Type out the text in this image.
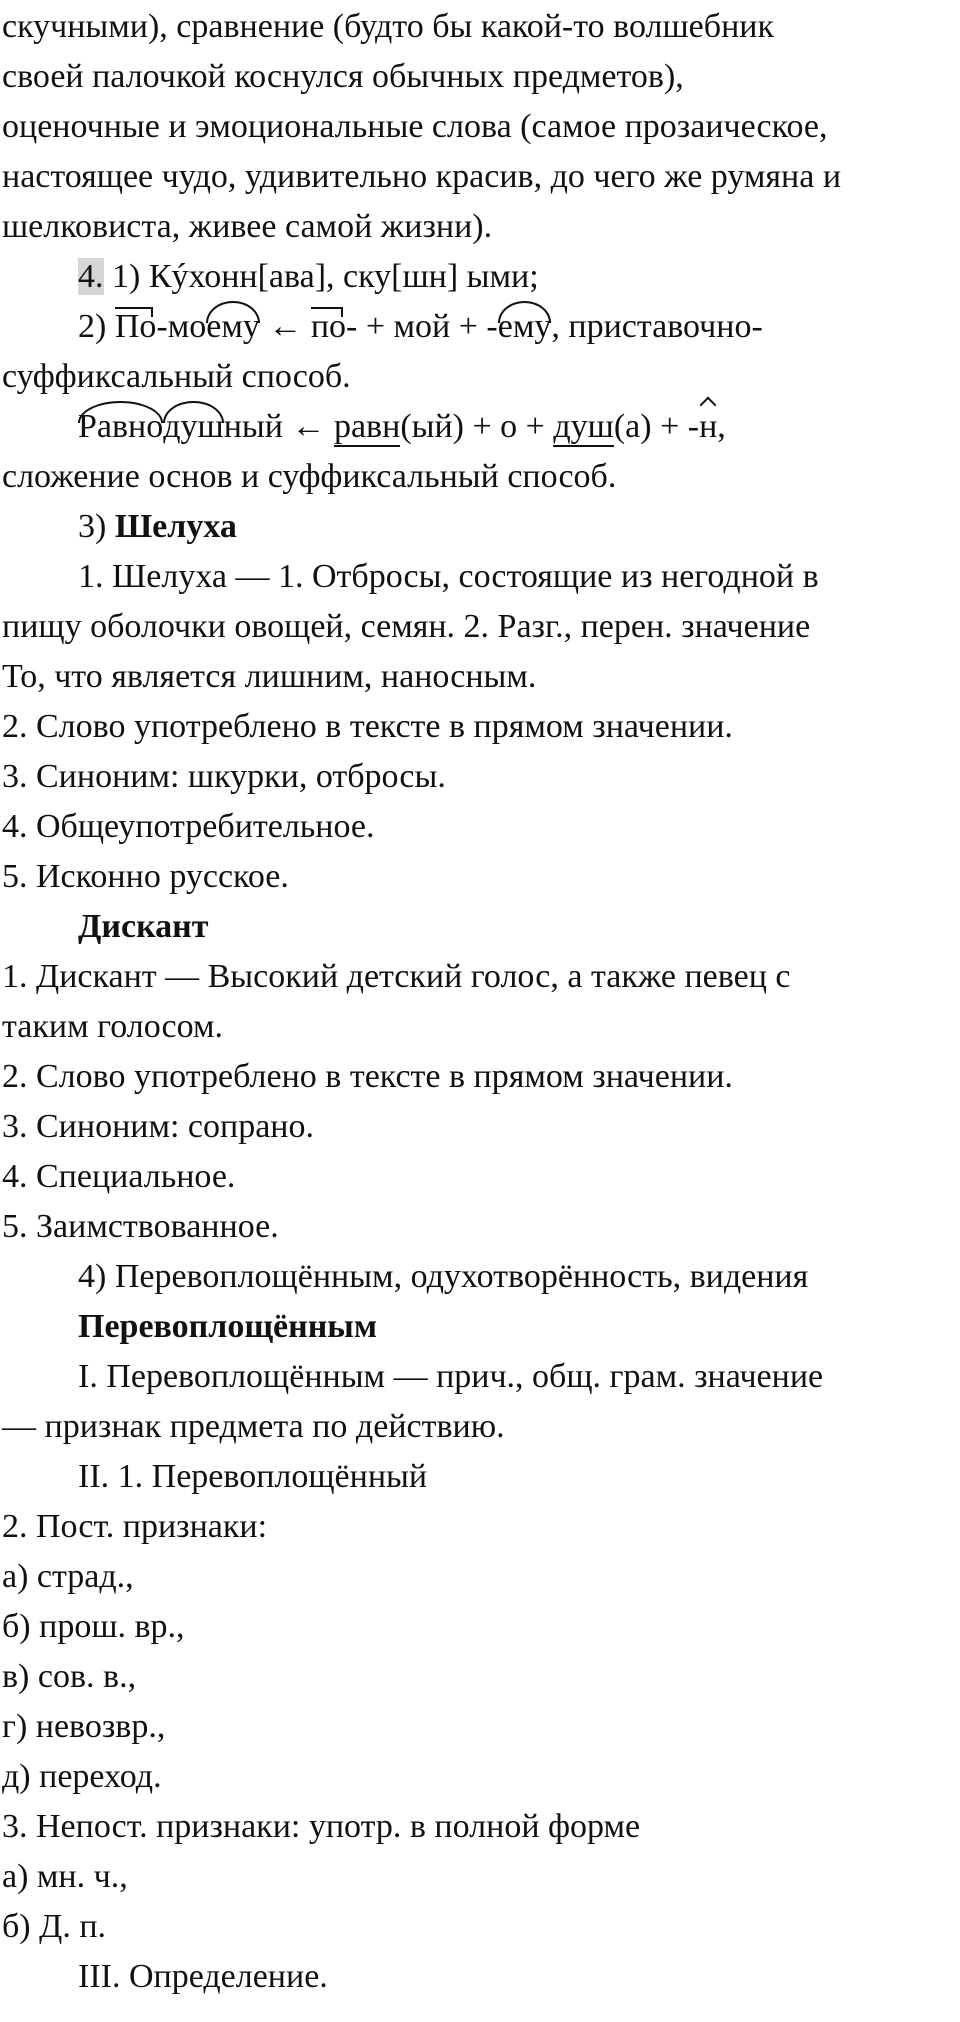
скучными), сравнение (будто бы какой-то волшебник
своей палочкой коснулся обычных предметов),
оценочные и эмоциональные слова (самое прозаическое,
настоящее чудо, удивительно красив, до чего же румяна и
шелковиста, живее самой жизни).
4. 1) Кýхонн[ава], ску[шн] ыми;
2) По-моему ← по- + мой + -ему, приставочно-
суффиксальный способ.
Равнодушный ← равн(ый) + о + душ(а) + -н,
сложение основ и суффиксальный способ.
3) Шелуха
1. Шелуха — 1. Отбросы, состоящие из негодной в
пищу оболочки овощей, семян. 2. Разг., перен. значение
То, что является лишним, наносным.
2. Слово употреблено в тексте в прямом значении.
3. Синоним: шкурки, отбросы.
4. Общеупотребительное.
5. Исконно русское.
Дискант
1. Дискант — Высокий детский голос, а также певец с
таким голосом.
2. Слово употреблено в тексте в прямом значении.
3. Синоним: сопрано.
4. Специальное.
5. Заимствованное.
4) Перевоплощённым, одухотворённость, видения
Перевоплощённым
I. Перевоплощённым — прич., общ. грам. значение
— признак предмета по действию.
II. 1. Перевоплощённый
2. Пост. признаки:
а) страд.,
б) прош. вр.,
в) сов. в.,
г) невозвр.,
д) переход.
3. Непост. признаки: употр. в полной форме
а) мн. ч.,
б) Д. п.
III. Определение.
